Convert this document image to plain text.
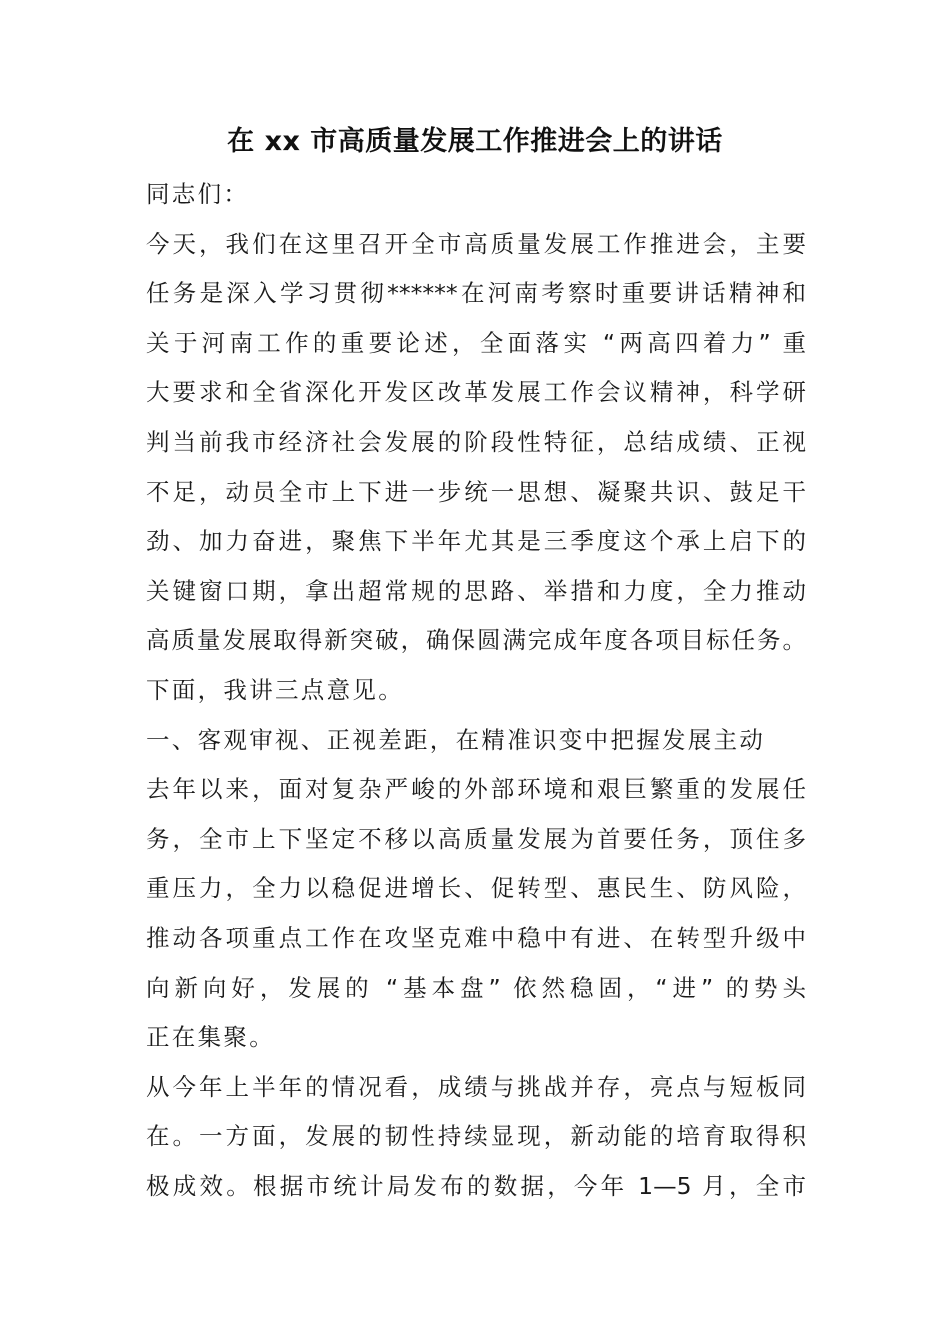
在 xx 市高质量发展工作推进会上的讲话
同志们：
今天，我们在这里召开全市高质量发展工作推进会，主要
任务是深入学习贯彻******在河南考察时重要讲话精神和
关于河南工作的重要论述，全面落实 “两高四着力” 重
大要求和全省深化开发区改革发展工作会议精神，科学研
判当前我市经济社会发展的阶段性特征，总结成绩、正视
不足，动员全市上下进一步统一思想、凝聚共识、鼓足干
劲、加力奋进，聚焦下半年尤其是三季度这个承上启下的
关键窗口期，拿出超常规的思路、举措和力度，全力推动
高质量发展取得新突破，确保圆满完成年度各项目标任务。
下面，我讲三点意见。
一、客观审视、正视差距，在精准识变中把握发展主动
去年以来，面对复杂严峻的外部环境和艰巨繁重的发展任
务，全市上下坚定不移以高质量发展为首要任务，顶住多
重压力，全力以稳促进增长、促转型、惠民生、防风险，
推动各项重点工作在攻坚克难中稳中有进、在转型升级中
向新向好，发展的 “基本盘” 依然稳固，“进” 的势头
正在集聚。
从今年上半年的情况看，成绩与挑战并存，亮点与短板同
在。一方面，发展的韧性持续显现，新动能的培育取得积
极成效。根据市统计局发布的数据，今年 1—5 月，全市
